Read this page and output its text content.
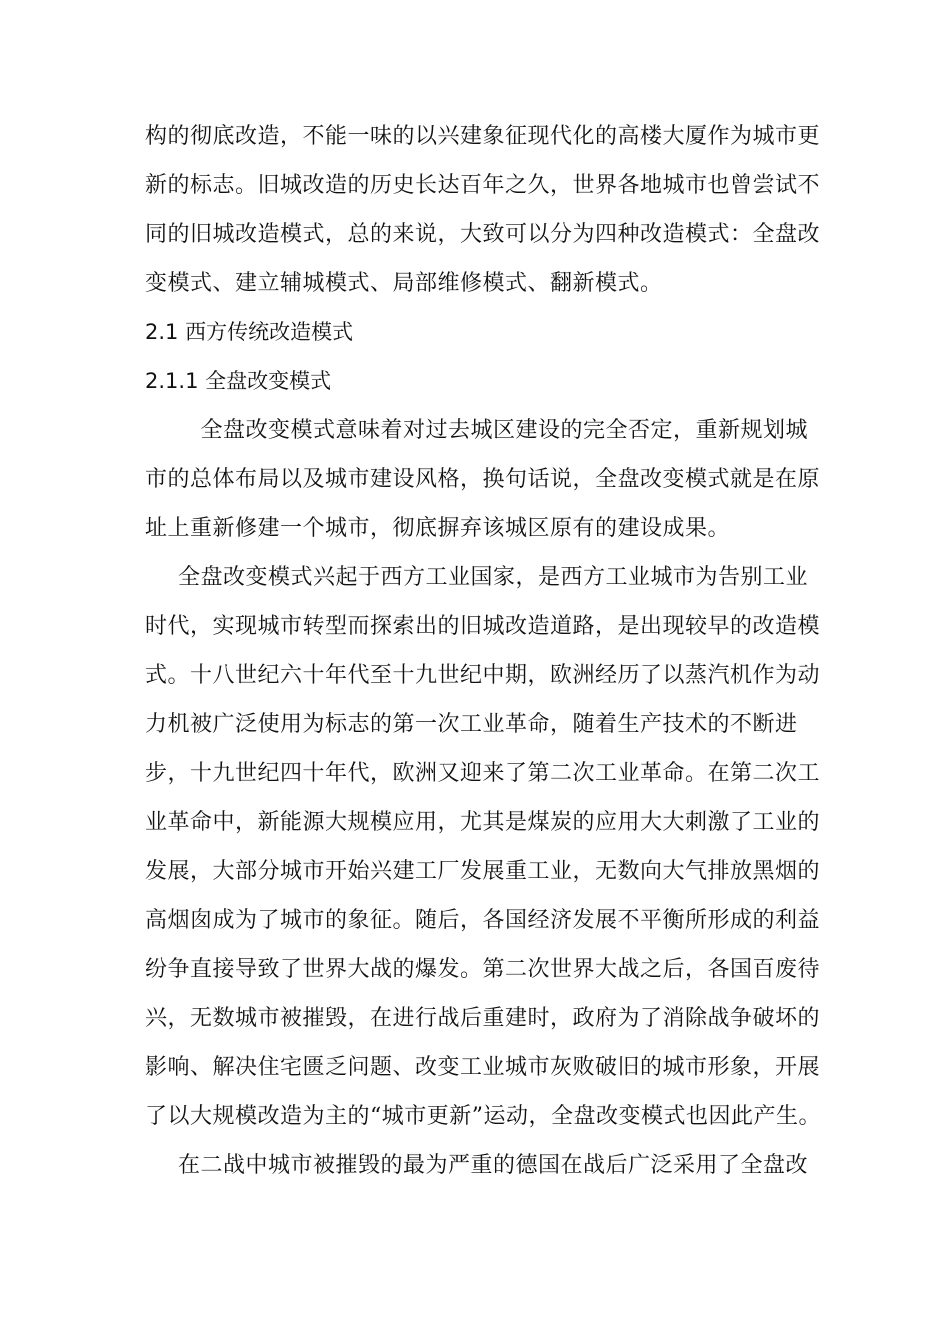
构的彻底改造，不能一味的以兴建象征现代化的高楼大厦作为城市更
新的标志。旧城改造的历史长达百年之久，世界各地城市也曾尝试不
同的旧城改造模式，总的来说，大致可以分为四种改造模式：全盘改
变模式、建立辅城模式、局部维修模式、翻新模式。
2.1 西方传统改造模式
2.1.1 全盘改变模式
　全盘改变模式意味着对过去城区建设的完全否定，重新规划城
市的总体布局以及城市建设风格，换句话说，全盘改变模式就是在原
址上重新修建一个城市，彻底摒弃该城区原有的建设成果。
全盘改变模式兴起于西方工业国家，是西方工业城市为告别工业
时代，实现城市转型而探索出的旧城改造道路，是出现较早的改造模
式。十八世纪六十年代至十九世纪中期，欧洲经历了以蒸汽机作为动
力机被广泛使用为标志的第一次工业革命，随着生产技术的不断进
步，十九世纪四十年代，欧洲又迎来了第二次工业革命。在第二次工
业革命中，新能源大规模应用，尤其是煤炭的应用大大刺激了工业的
发展，大部分城市开始兴建工厂发展重工业，无数向大气排放黑烟的
高烟囱成为了城市的象征。随后，各国经济发展不平衡所形成的利益
纷争直接导致了世界大战的爆发。第二次世界大战之后，各国百废待
兴，无数城市被摧毁，在进行战后重建时，政府为了消除战争破坏的
影响、解决住宅匮乏问题、改变工业城市灰败破旧的城市形象，开展
了以大规模改造为主的“城市更新”运动，全盘改变模式也因此产生。
在二战中城市被摧毁的最为严重的德国在战后广泛采用了全盘改
